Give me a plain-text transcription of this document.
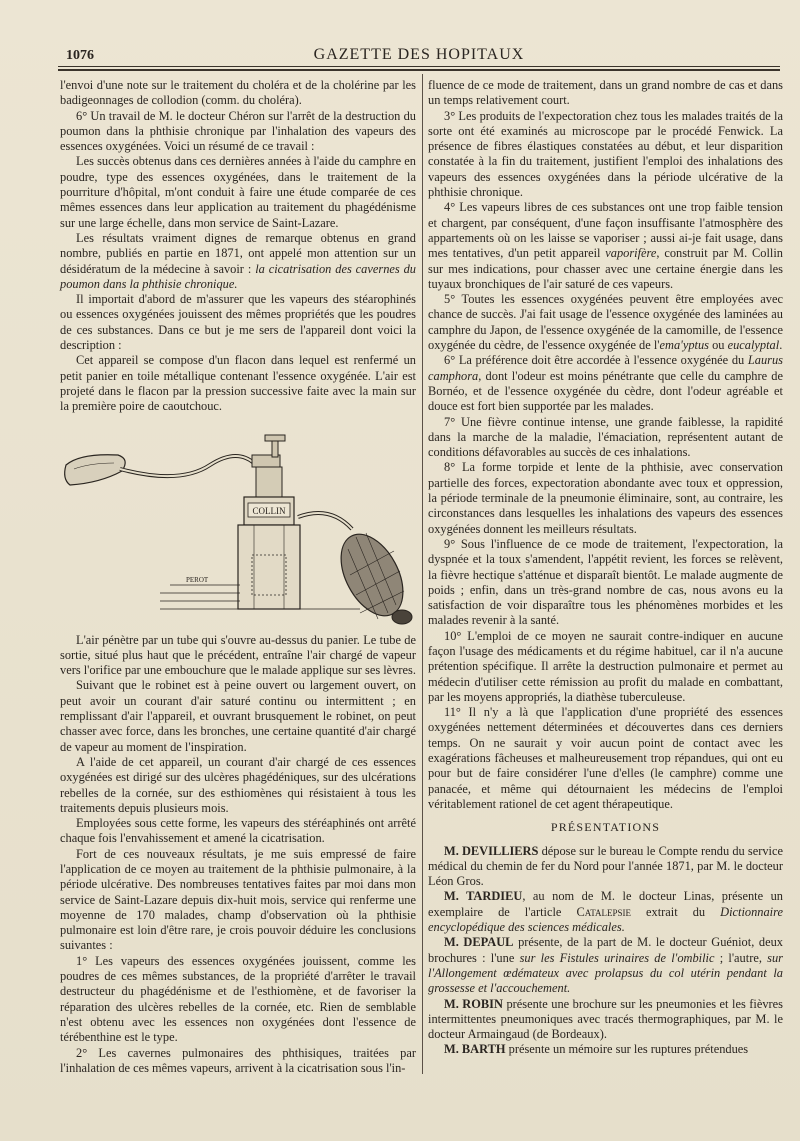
1076	GAZETTE DES HOPITAUX

l'envoi d'une note sur le traitement du choléra et de la cholérine par les badigeonnages de collodion (comm. du choléra).

6° Un travail de M. le docteur Chéron sur l'arrêt de la destruction du poumon dans la phthisie chronique par l'inhalation des vapeurs des essences oxygénées. Voici un résumé de ce travail :

Les succès obtenus dans ces dernières années à l'aide du camphre en poudre, type des essences oxygénées, dans le traitement de la pourriture d'hôpital, m'ont conduit à faire une étude comparée de ces mêmes essences dans leur application au traitement du phagédénisme sur une large échelle, dans mon service de Saint-Lazare.

Les résultats vraiment dignes de remarque obtenus en grand nombre, publiés en partie en 1871, ont appelé mon attention sur un désidératum de la médecine à savoir : la cicatrisation des cavernes du poumon dans la phthisie chronique.

Il importait d'abord de m'assurer que les vapeurs des stéarophinés ou essences oxygénées jouissent des mêmes propriétés que les poudres de ces substances. Dans ce but je me sers de l'appareil dont voici la description :

Cet appareil se compose d'un flacon dans lequel est renfermé un petit panier en toile métallique contenant l'essence oxygénée. L'air est projeté dans le flacon par la pression successive faite avec la main sur la première poire de caoutchouc.

COLLIN
PEROT

L'air pénètre par un tube qui s'ouvre au-dessus du panier. Le tube de sortie, situé plus haut que le précédent, entraîne l'air chargé de vapeur vers l'orifice par une embouchure que le malade applique sur ses lèvres.

Suivant que le robinet est à peine ouvert ou largement ouvert, on peut avoir un courant d'air saturé continu ou intermittent ; en remplissant d'air l'appareil, et ouvrant brusquement le robinet, on peut chasser avec force, dans les bronches, une certaine quantité d'air chargé de vapeur au moment de l'inspiration.

A l'aide de cet appareil, un courant d'air chargé de ces essences oxygénées est dirigé sur des ulcères phagédéniques, sur des ulcérations rebelles de la cornée, sur des esthiomènes qui résistaient à tous les traitements depuis plusieurs mois.

Employées sous cette forme, les vapeurs des stéréaphinés ont arrêté chaque fois l'envahissement et amené la cicatrisation.

Fort de ces nouveaux résultats, je me suis empressé de faire l'application de ce moyen au traitement de la phthisie pulmonaire, à la période ulcérative. Des nombreuses tentatives faites par moi dans mon service de Saint-Lazare depuis dix-huit mois, service qui renferme une moyenne de 170 malades, champ d'observation où la phthisie pulmonaire est loin d'être rare, je crois pouvoir déduire les conclusions suivantes :

1° Les vapeurs des essences oxygénées jouissent, comme les poudres de ces mêmes substances, de la propriété d'arrêter le travail destructeur du phagédénisme et de l'esthiomène, et de favoriser la réparation des ulcères rebelles de la cornée, etc. Rien de semblable n'est obtenu avec les essences non oxygénées dont l'essence de térébenthine est le type.

2° Les cavernes pulmonaires des phthisiques, traitées par l'inhalation de ces mêmes vapeurs, arrivent à la cicatrisation sous l'in-

fluence de ce mode de traitement, dans un grand nombre de cas et dans un temps relativement court.

3° Les produits de l'expectoration chez tous les malades traités de la sorte ont été examinés au microscope par le procédé Fenwick. La présence de fibres élastiques constatées au début, et leur disparition constatée à la fin du traitement, justifient l'emploi des inhalations des vapeurs des essences oxygénées dans la période ulcérative de la phthisie chronique.

4° Les vapeurs libres de ces substances ont une trop faible tension et chargent, par conséquent, d'une façon insuffisante l'atmosphère des appartements où on les laisse se vaporiser ; aussi ai-je fait usage, dans mes tentatives, d'un petit appareil vaporifère, construit par M. Collin sur mes indications, pour chasser avec une certaine énergie dans les tuyaux bronchiques de l'air saturé de ces vapeurs.

5° Toutes les essences oxygénées peuvent être employées avec chance de succès. J'ai fait usage de l'essence oxygénée des laminées au camphre du Japon, de l'essence oxygénée de la camomille, de l'essence oxygénée du cèdre, de l'essence oxygénée de l'ema'yptus ou eucalyptal.

6° La préférence doit être accordée à l'essence oxygénée du Laurus camphora, dont l'odeur est moins pénétrante que celle du camphre de Bornéo, et de l'essence oxygénée du cèdre, dont l'odeur agréable et douce est fort bien supportée par les malades.

7° Une fièvre continue intense, une grande faiblesse, la rapidité dans la marche de la maladie, l'émaciation, représentent autant de conditions défavorables au succès de ces inhalations.

8° La forme torpide et lente de la phthisie, avec conservation partielle des forces, expectoration abondante avec toux et oppression, la période terminale de la pneumonie éliminaire, sont, au contraire, les circonstances dans lesquelles les inhalations des vapeurs des essences oxygénées donnent les meilleurs résultats.

9° Sous l'influence de ce mode de traitement, l'expectoration, la dyspnée et la toux s'amendent, l'appétit revient, les forces se relèvent, la fièvre hectique s'atténue et disparaît bientôt. Le malade augmente de poids ; enfin, dans un très-grand nombre de cas, nous avons eu la satisfaction de voir disparaître tous les phénomènes morbides et les malades revenir à la santé.

10° L'emploi de ce moyen ne saurait contre-indiquer en aucune façon l'usage des médicaments et du régime habituel, car il n'a aucune prétention spécifique. Il arrête la destruction pulmonaire et permet au médecin d'utiliser cette rémission au profit du malade en combattant, par les moyens appropriés, la diathèse tuberculeuse.

11° Il n'y a là que l'application d'une propriété des essences oxygénées nettement déterminées et découvertes dans ces derniers temps. On ne saurait y voir aucun point de contact avec les exagérations fâcheuses et malheureusement trop répandues, qui ont eu pour but de faire considérer l'une d'elles (le camphre) comme une panacée, et même qui détournaient les médecins de l'emploi véritablement rationel de cet agent thérapeutique.

PRÉSENTATIONS

M. DEVILLIERS dépose sur le bureau le Compte rendu du service médical du chemin de fer du Nord pour l'année 1871, par M. le docteur Léon Gros.

M. TARDIEU, au nom de M. le docteur Linas, présente un exemplaire de l'article Catalepsie extrait du Dictionnaire encyclopédique des sciences médicales.

M. DEPAUL présente, de la part de M. le docteur Guéniot, deux brochures : l'une sur les Fistules urinaires de l'ombilic ; l'autre, sur l'Allongement œdémateux avec prolapsus du col utérin pendant la grossesse et l'accouchement.

M. ROBIN présente une brochure sur les pneumonies et les fièvres intermittentes pneumoniques avec tracés thermographiques, par M. le docteur Armaingaud (de Bordeaux).

M. BARTH présente un mémoire sur les ruptures prétendues
